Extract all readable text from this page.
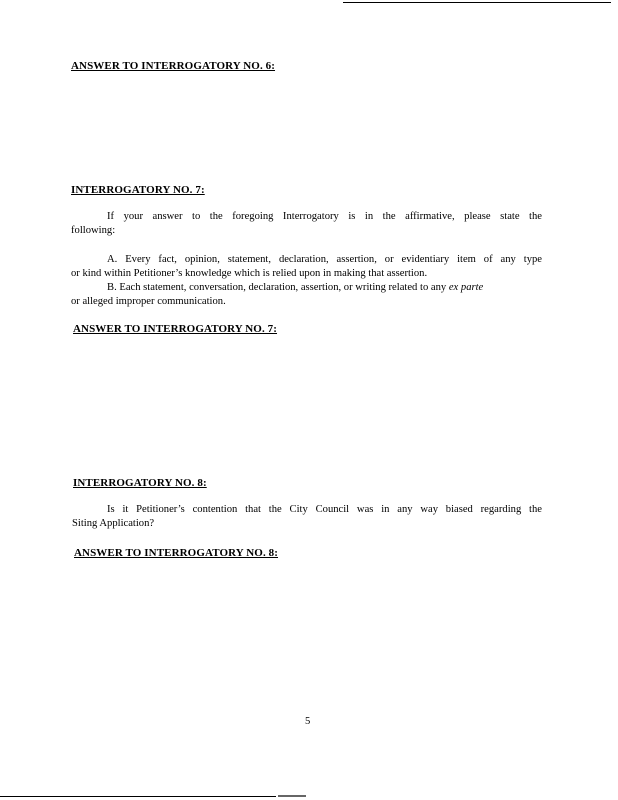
ANSWER TO INTERROGATORY NO. 6:
INTERROGATORY NO. 7:
If your answer to the foregoing Interrogatory is in the affirmative, please state the
following:
A. Every fact, opinion, statement, declaration, assertion, or evidentiary item of any type
or kind within Petitioner’s knowledge which is relied upon in making that assertion.
B. Each statement, conversation, declaration, assertion, or writing related to any ex parte
or alleged improper communication.
ANSWER TO INTERROGATORY NO. 7:
INTERROGATORY NO. 8:
Is it Petitioner’s contention that the City Council was in any way biased regarding the
Siting Application?
ANSWER TO INTERROGATORY NO. 8:
5
